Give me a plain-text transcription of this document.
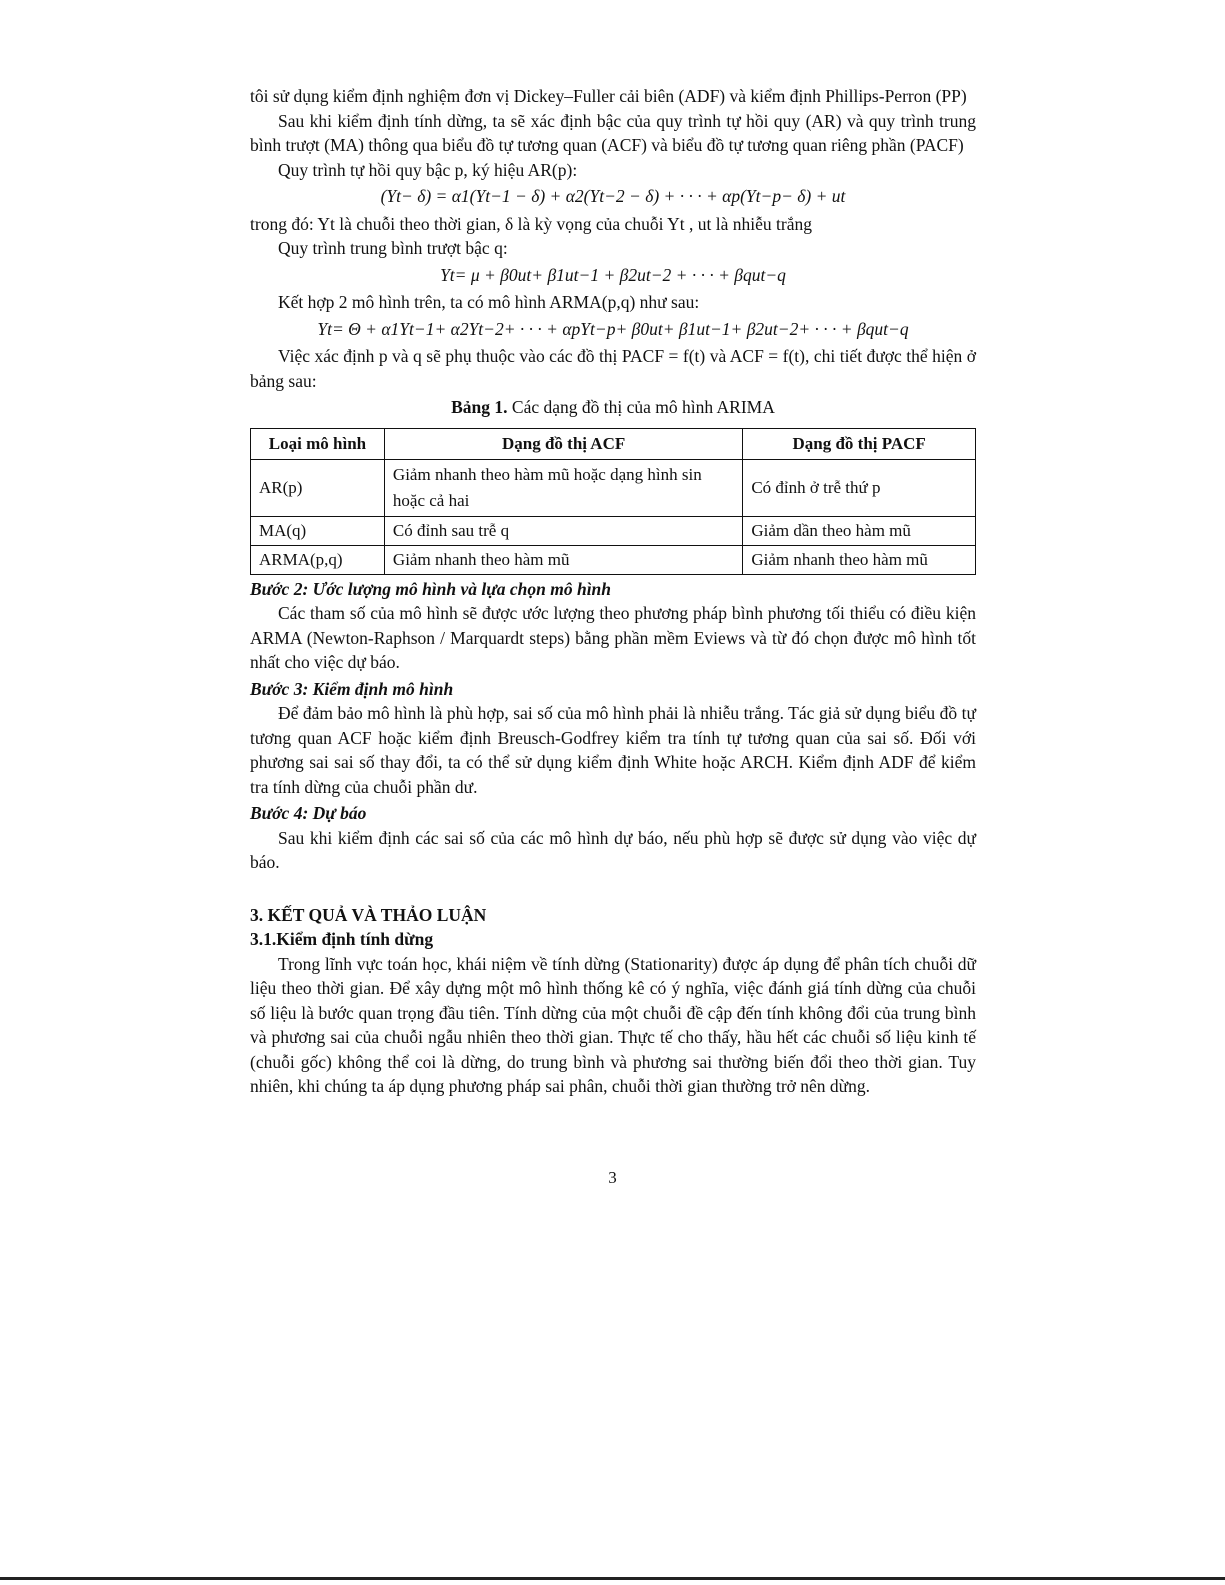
tôi sử dụng kiểm định nghiệm đơn vị Dickey–Fuller cải biên (ADF) và kiểm định Phillips-Perron (PP)

Sau khi kiểm định tính dừng, ta sẽ xác định bậc của quy trình tự hồi quy (AR) và quy trình trung bình trượt (MA) thông qua biểu đồ tự tương quan (ACF) và biểu đồ tự tương quan riêng phần (PACF)

Quy trình tự hồi quy bậc p, ký hiệu AR(p):

(Yt− δ) = α1(Yt−1 − δ) + α2(Yt−2 − δ) + · · · + αp(Yt−p− δ) + ut

trong đó: Yt là chuỗi theo thời gian, δ là kỳ vọng của chuỗi Yt , ut là nhiễu trắng

Quy trình trung bình trượt bậc q:

Yt= μ + β0ut+ β1ut−1 + β2ut−2 + · · · + βqut−q

Kết hợp 2 mô hình trên, ta có mô hình ARMA(p,q) như sau:

Yt= Θ + α1Yt−1+ α2Yt−2+ · · · + αpYt−p+ β0ut+ β1ut−1+ β2ut−2+ · · · + βqut−q

Việc xác định p và q sẽ phụ thuộc vào các đồ thị PACF = f(t) và ACF = f(t), chi tiết được thể hiện ở bảng sau:

Bảng 1. Các dạng đồ thị của mô hình ARIMA

Loại mô hình	Dạng đồ thị ACF	Dạng đồ thị PACF
AR(p)	Giảm nhanh theo hàm mũ hoặc dạng hình sin hoặc cả hai	Có đỉnh ở trễ thứ p
MA(q)	Có đỉnh sau trễ q	Giảm dần theo hàm mũ
ARMA(p,q)	Giảm nhanh theo hàm mũ	Giảm nhanh theo hàm mũ

Bước 2: Ước lượng mô hình và lựa chọn mô hình

Các tham số của mô hình sẽ được ước lượng theo phương pháp bình phương tối thiểu có điều kiện ARMA (Newton-Raphson / Marquardt steps) bằng phần mềm Eviews và từ đó chọn được mô hình tốt nhất cho việc dự báo.

Bước 3: Kiểm định mô hình

Để đảm bảo mô hình là phù hợp, sai số của mô hình phải là nhiễu trắng. Tác giả sử dụng biểu đồ tự tương quan ACF hoặc kiểm định Breusch-Godfrey kiểm tra tính tự tương quan của sai số. Đối với phương sai sai số thay đổi, ta có thể sử dụng kiểm định White hoặc ARCH. Kiểm định ADF để kiểm tra tính dừng của chuỗi phần dư.

Bước 4: Dự báo

Sau khi kiểm định các sai số của các mô hình dự báo, nếu phù hợp sẽ được sử dụng vào việc dự báo.

3. KẾT QUẢ VÀ THẢO LUẬN

3.1.Kiểm định tính dừng

Trong lĩnh vực toán học, khái niệm về tính dừng (Stationarity) được áp dụng để phân tích chuỗi dữ liệu theo thời gian. Để xây dựng một mô hình thống kê có ý nghĩa, việc đánh giá tính dừng của chuỗi số liệu là bước quan trọng đầu tiên. Tính dừng của một chuỗi đề cập đến tính không đổi của trung bình và phương sai của chuỗi ngẫu nhiên theo thời gian. Thực tế cho thấy, hầu hết các chuỗi số liệu kinh tế (chuỗi gốc) không thể coi là dừng, do trung bình và phương sai thường biến đổi theo thời gian. Tuy nhiên, khi chúng ta áp dụng phương pháp sai phân, chuỗi thời gian thường trở nên dừng.

3
